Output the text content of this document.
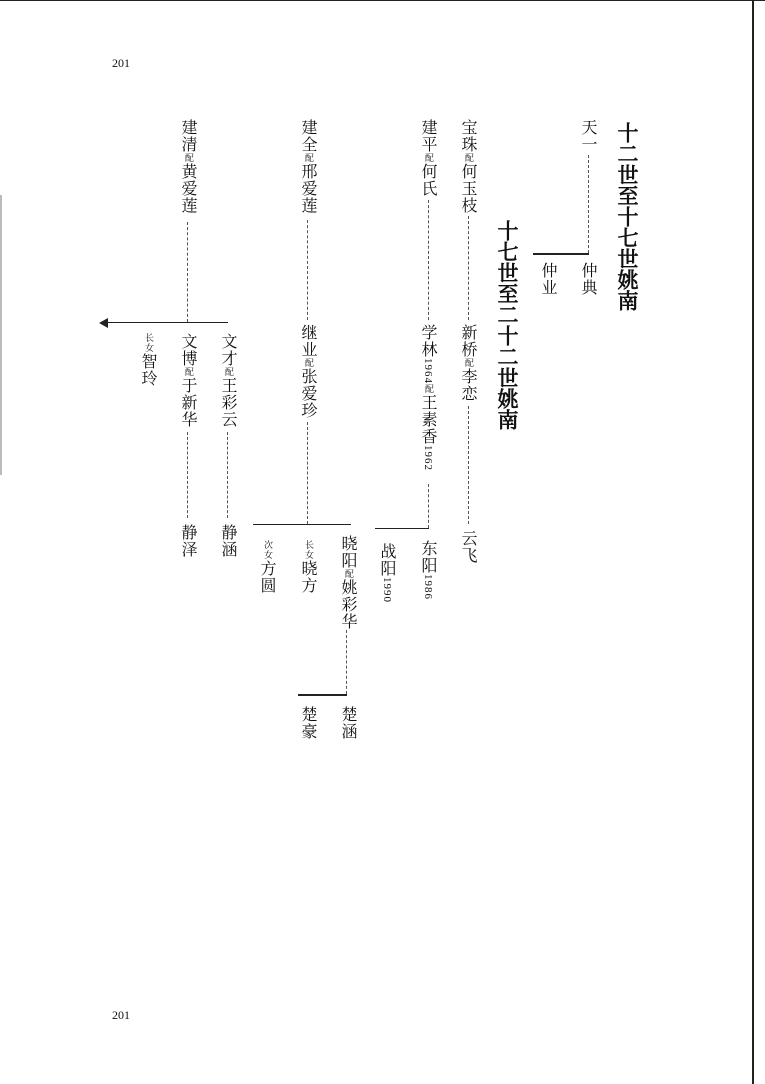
201
201
十二世至十七世姚南
十七世至二十二世姚南
天一
仲典
仲业
宝珠配何玉枝
新桥配李恋
云飞
建平配何氏
学林1964配王素香1962
东阳1986
战阳1990
建全配邢爱莲
继业配张爱珍
晓阳配姚彩华
长女晓方
次女方圆
楚涵
楚豪
建清配黄爱莲
文才配王彩云
文博配于新华
长女智玲
静涵
静泽
